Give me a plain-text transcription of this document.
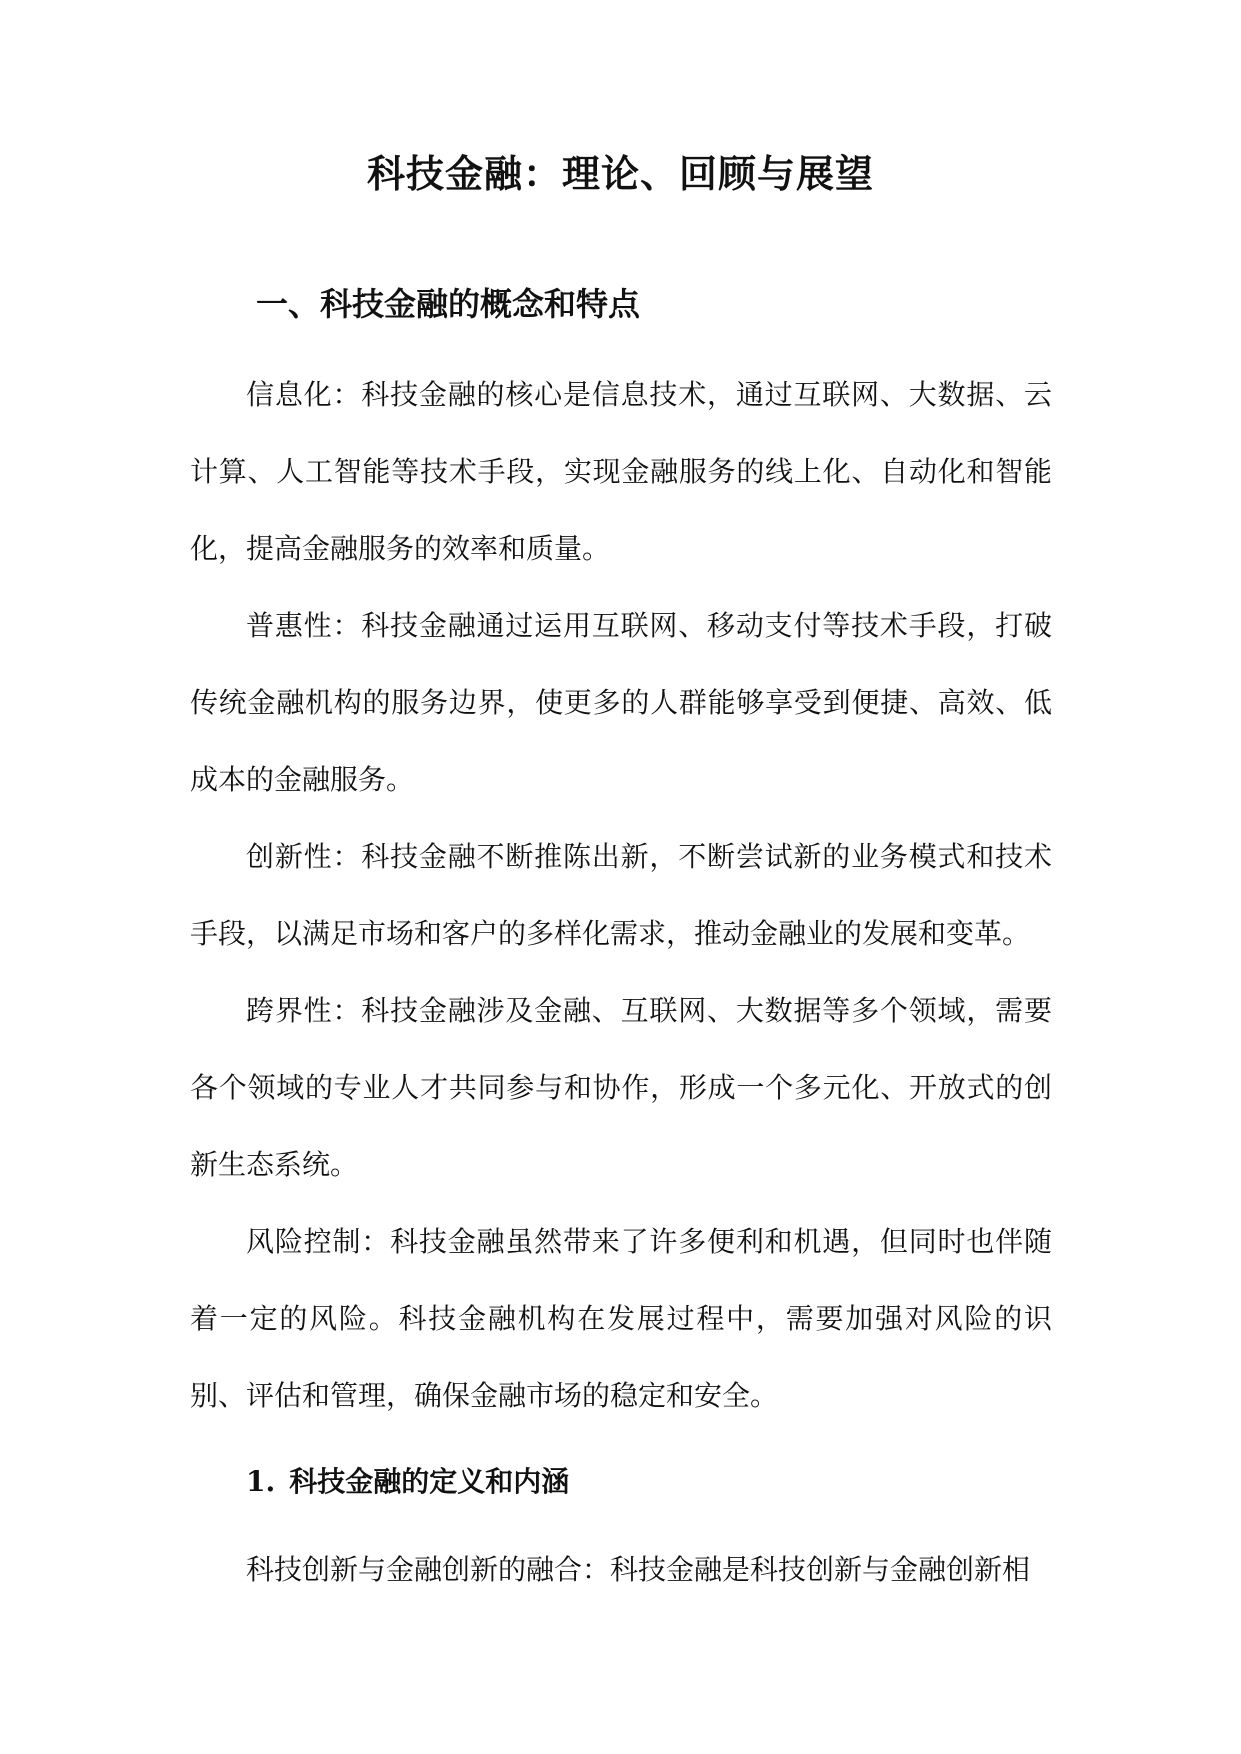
科技金融：理论、回顾与展望
一、科技金融的概念和特点

信息化：科技金融的核心是信息技术，通过互联网、大数据、云计算、人工智能等技术手段，实现金融服务的线上化、自动化和智能化，提高金融服务的效率和质量。

普惠性：科技金融通过运用互联网、移动支付等技术手段，打破传统金融机构的服务边界，使更多的人群能够享受到便捷、高效、低成本的金融服务。

创新性：科技金融不断推陈出新，不断尝试新的业务模式和技术手段，以满足市场和客户的多样化需求，推动金融业的发展和变革。

跨界性：科技金融涉及金融、互联网、大数据等多个领域，需要各个领域的专业人才共同参与和协作，形成一个多元化、开放式的创新生态系统。

风险控制：科技金融虽然带来了许多便利和机遇，但同时也伴随着一定的风险。科技金融机构在发展过程中，需要加强对风险的识别、评估和管理，确保金融市场的稳定和安全。

1. 科技金融的定义和内涵

科技创新与金融创新的融合：科技金融是科技创新与金融创新相
